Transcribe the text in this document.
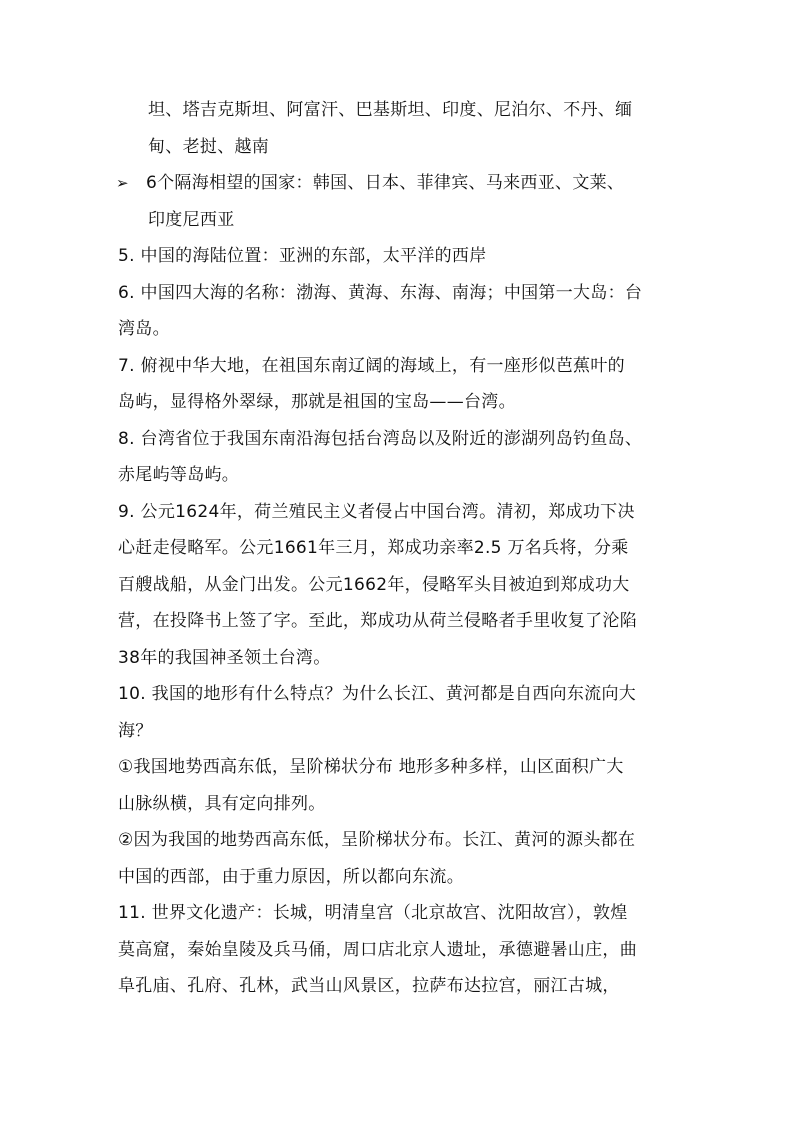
坦、塔吉克斯坦、阿富汗、巴基斯坦、印度、尼泊尔、不丹、缅
甸、老挝、越南
➢ 6个隔海相望的国家：韩国、日本、菲律宾、马来西亚、文莱、
印度尼西亚
5. 中国的海陆位置：亚洲的东部，太平洋的西岸
6. 中国四大海的名称：渤海、黄海、东海、南海；中国第一大岛：台
湾岛。
7. 俯视中华大地，在祖国东南辽阔的海域上，有一座形似芭蕉叶的
岛屿，显得格外翠绿，那就是祖国的宝岛——台湾。
8. 台湾省位于我国东南沿海包括台湾岛以及附近的澎湖列岛钓鱼岛、
赤尾屿等岛屿。
9. 公元1624年，荷兰殖民主义者侵占中国台湾。清初，郑成功下决
心赶走侵略军。公元1661年三月，郑成功亲率2.5 万名兵将，分乘
百艘战船，从金门出发。公元1662年，侵略军头目被迫到郑成功大
营，在投降书上签了字。至此，郑成功从荷兰侵略者手里收复了沦陷
38年的我国神圣领土台湾。
10. 我国的地形有什么特点？为什么长江、黄河都是自西向东流向大
海？
①我国地势西高东低，呈阶梯状分布 地形多种多样，山区面积广大
山脉纵横，具有定向排列。
②因为我国的地势西高东低，呈阶梯状分布。长江、黄河的源头都在
中国的西部，由于重力原因，所以都向东流。
11. 世界文化遗产：长城，明清皇宫（北京故宫、沈阳故宫），敦煌
莫高窟，秦始皇陵及兵马俑，周口店北京人遗址，承德避暑山庄，曲
阜孔庙、孔府、孔林，武当山风景区，拉萨布达拉宫，丽江古城，
